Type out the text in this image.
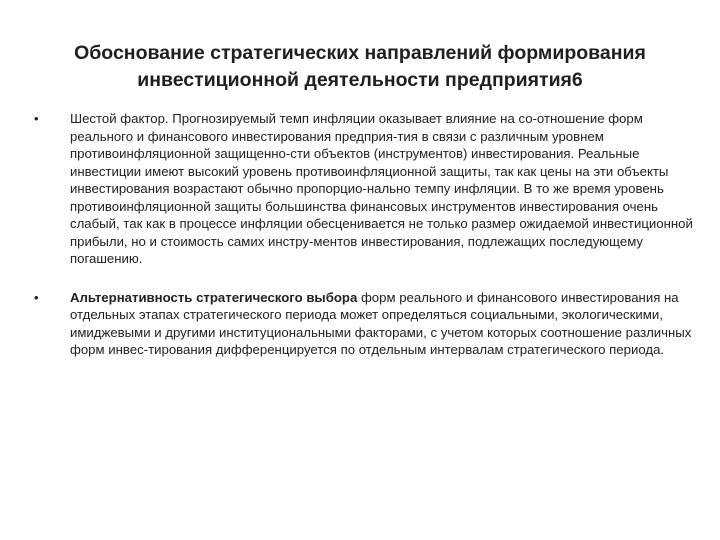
Обоснование стратегических направлений формирования инвестиционной деятельности предприятия6
•	Шестой фактор. Прогнозируемый темп инфляции оказывает влияние на со-отношение форм реального и финансового инвестирования предприя-тия в связи с различным уровнем противоинфляционной защищенно-сти объектов (инструментов) инвестирования. Реальные инвестиции имеют высокий уровень противоинфляционной защиты, так как цены на эти объекты инвестирования возрастают обычно пропорцио-нально темпу инфляции. В то же время уровень противоинфляционной защиты большинства финансовых инструментов инвестирования очень слабый, так как в процессе инфляции обесценивается не только размер ожидаемой инвестиционной прибыли, но и стоимость самих инстру-ментов инвестирования, подлежащих последующему погашению.
•	Альтернативность стратегического выбора форм реального и финансового инвестирования на отдельных этапах стратегического периода может определяться социальными, экологическими, имиджевыми и другими институциональными факторами, с учетом которых соотношение различных форм инвес-тирования дифференцируется по отдельным интервалам стратегического периода.
